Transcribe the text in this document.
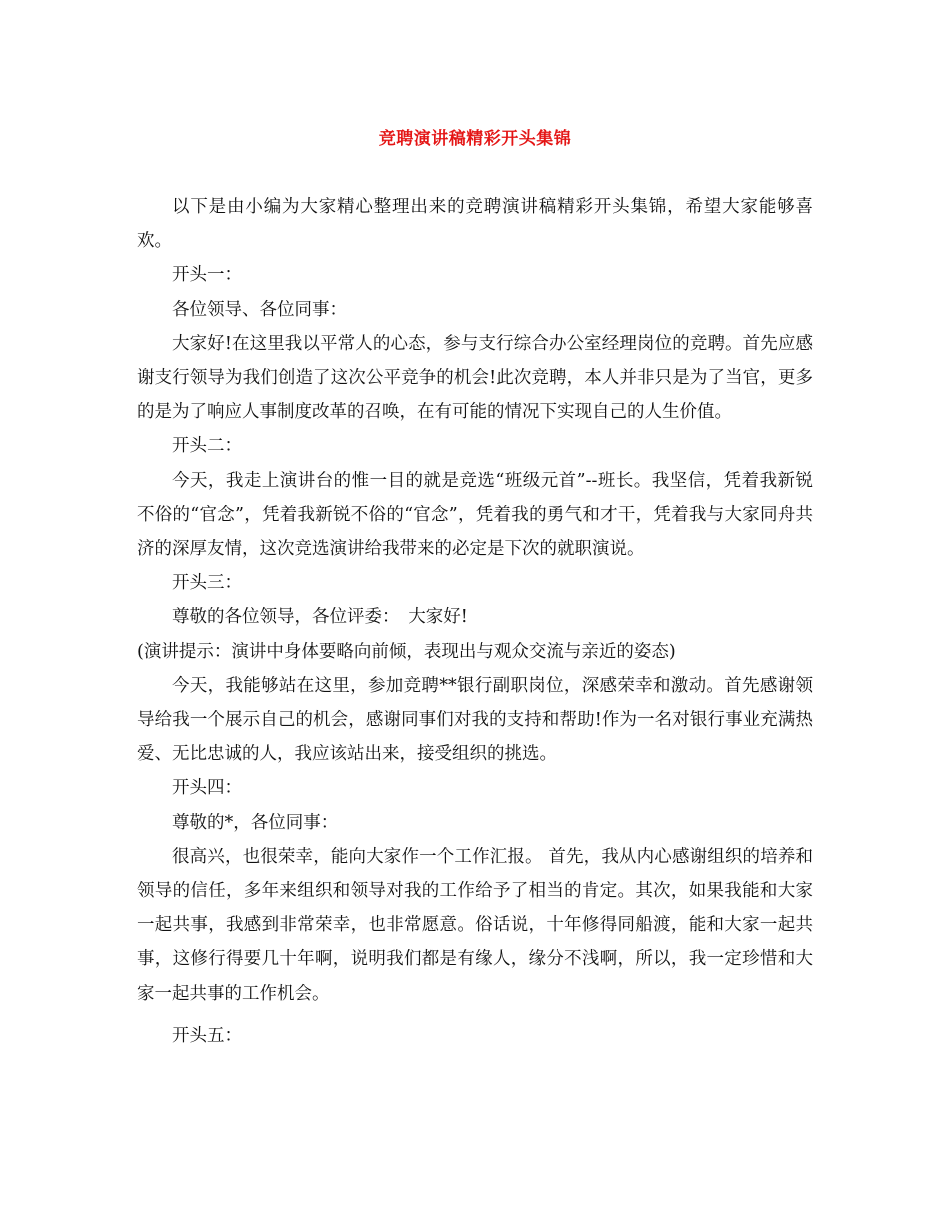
竞聘演讲稿精彩开头集锦

以下是由小编为大家精心整理出来的竞聘演讲稿精彩开头集锦，希望大家能够喜欢。

开头一：

各位领导、各位同事：

大家好!在这里我以平常人的心态，参与支行综合办公室经理岗位的竞聘。首先应感谢支行领导为我们创造了这次公平竞争的机会!此次竞聘，本人并非只是为了当官，更多的是为了响应人事制度改革的召唤，在有可能的情况下实现自己的人生价值。

开头二：

今天，我走上演讲台的惟一目的就是竞选“班级元首”--班长。我坚信，凭着我新锐不俗的“官念”，凭着我新锐不俗的“官念”，凭着我的勇气和才干，凭着我与大家同舟共济的深厚友情，这次竞选演讲给我带来的必定是下次的就职演说。

开头三：

尊敬的各位领导，各位评委：　大家好!

(演讲提示：演讲中身体要略向前倾，表现出与观众交流与亲近的姿态)

今天，我能够站在这里，参加竞聘**银行副职岗位，深感荣幸和激动。首先感谢领导给我一个展示自己的机会，感谢同事们对我的支持和帮助!作为一名对银行事业充满热爱、无比忠诚的人，我应该站出来，接受组织的挑选。

开头四：

尊敬的*，各位同事：

很高兴，也很荣幸，能向大家作一个工作汇报。 首先，我从内心感谢组织的培养和领导的信任，多年来组织和领导对我的工作给予了相当的肯定。其次，如果我能和大家一起共事，我感到非常荣幸，也非常愿意。俗话说，十年修得同船渡，能和大家一起共事，这修行得要几十年啊，说明我们都是有缘人，缘分不浅啊，所以，我一定珍惜和大家一起共事的工作机会。

开头五：
